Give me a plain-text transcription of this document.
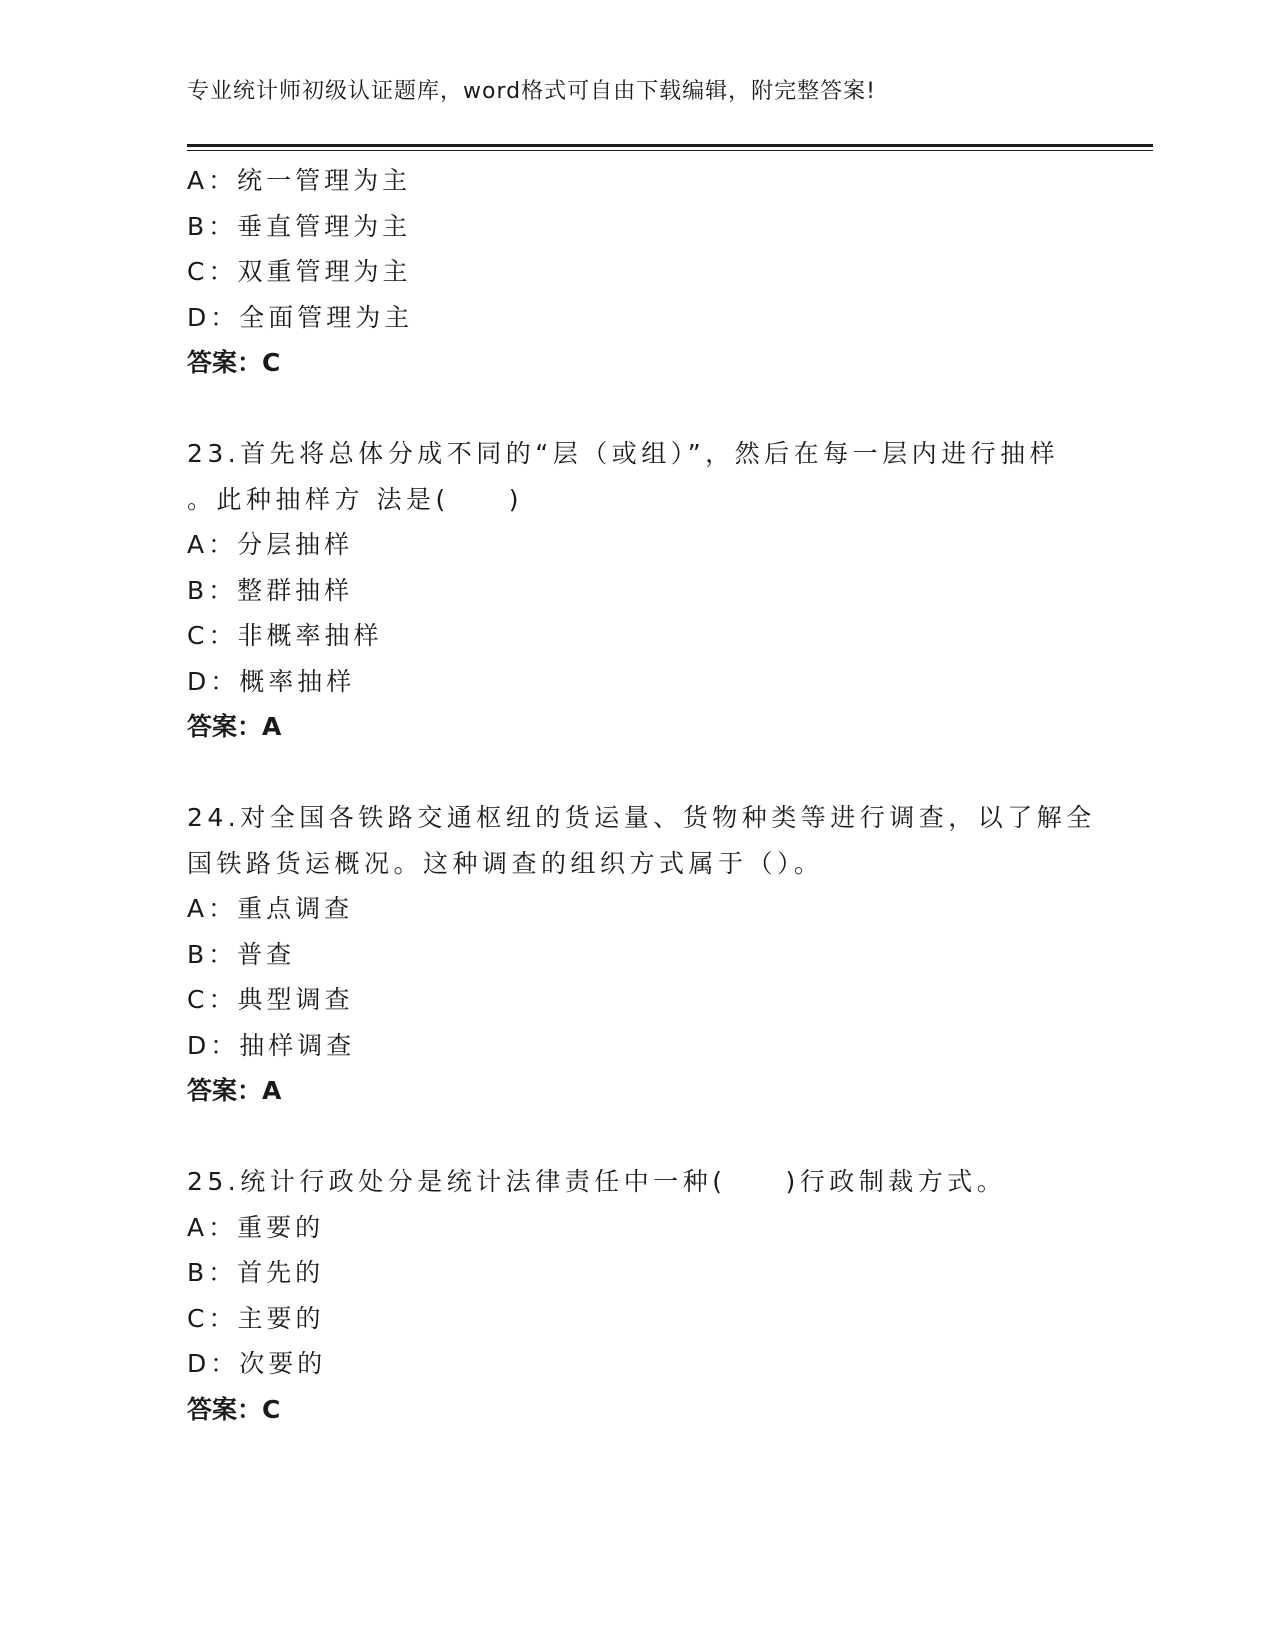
专业统计师初级认证题库，word格式可自由下载编辑，附完整答案!
A：统一管理为主
B：垂直管理为主
C：双重管理为主
D：全面管理为主
答案：C
23.首先将总体分成不同的“层（或组）”，然后在每一层内进行抽样
。此种抽样方 法是(　　)
A：分层抽样
B：整群抽样
C：非概率抽样
D：概率抽样
答案：A
24.对全国各铁路交通枢纽的货运量、货物种类等进行调查，以了解全
国铁路货运概况。这种调查的组织方式属于（）。
A：重点调查
B：普查
C：典型调查
D：抽样调查
答案：A
25.统计行政处分是统计法律责任中一种(　　)行政制裁方式。
A：重要的
B：首先的
C：主要的
D：次要的
答案：C
